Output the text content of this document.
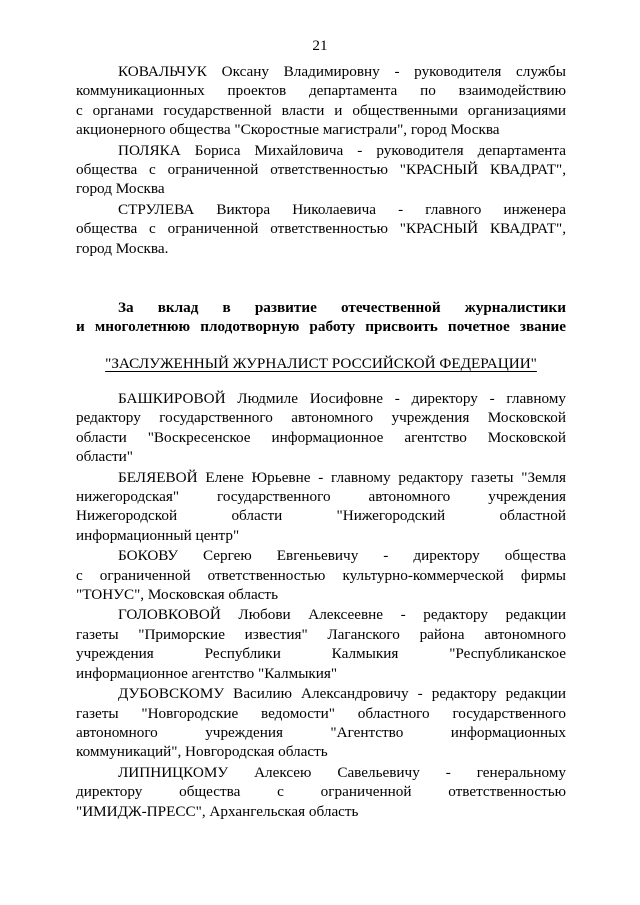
21
КОВАЛЬЧУК Оксану Владимировну - руководителя службы
коммуникационных проектов департамента по взаимодействию
с органами государственной власти и общественными организациями
акционерного общества "Скоростные магистрали", город Москва
ПОЛЯКА Бориса Михайловича - руководителя департамента
общества с ограниченной ответственностью "КРАСНЫЙ КВАДРАТ",
город Москва
СТРУЛЕВА Виктора Николаевича - главного инженера
общества с ограниченной ответственностью "КРАСНЫЙ КВАДРАТ",
город Москва.
За вклад в развитие отечественной журналистики
и многолетнюю плодотворную работу присвоить почетное звание
"ЗАСЛУЖЕННЫЙ ЖУРНАЛИСТ РОССИЙСКОЙ ФЕДЕРАЦИИ"
БАШКИРОВОЙ Людмиле Иосифовне - директору - главному
редактору государственного автономного учреждения Московской
области "Воскресенское информационное агентство Московской
области"
БЕЛЯЕВОЙ Елене Юрьевне - главному редактору газеты "Земля
нижегородская" государственного автономного учреждения
Нижегородской области "Нижегородский областной
информационный центр"
БОКОВУ Сергею Евгеньевичу - директору общества
с ограниченной ответственностью культурно-коммерческой фирмы
"ТОНУС", Московская область
ГОЛОВКОВОЙ Любови Алексеевне - редактору редакции
газеты "Приморские известия" Лаганского района автономного
учреждения Республики Калмыкия "Республиканское
информационное агентство "Калмыкия"
ДУБОВСКОМУ Василию Александровичу - редактору редакции
газеты "Новгородские ведомости" областного государственного
автономного учреждения "Агентство информационных
коммуникаций", Новгородская область
ЛИПНИЦКОМУ Алексею Савельевичу - генеральному
директору общества с ограниченной ответственностью
"ИМИДЖ-ПРЕСС", Архангельская область
